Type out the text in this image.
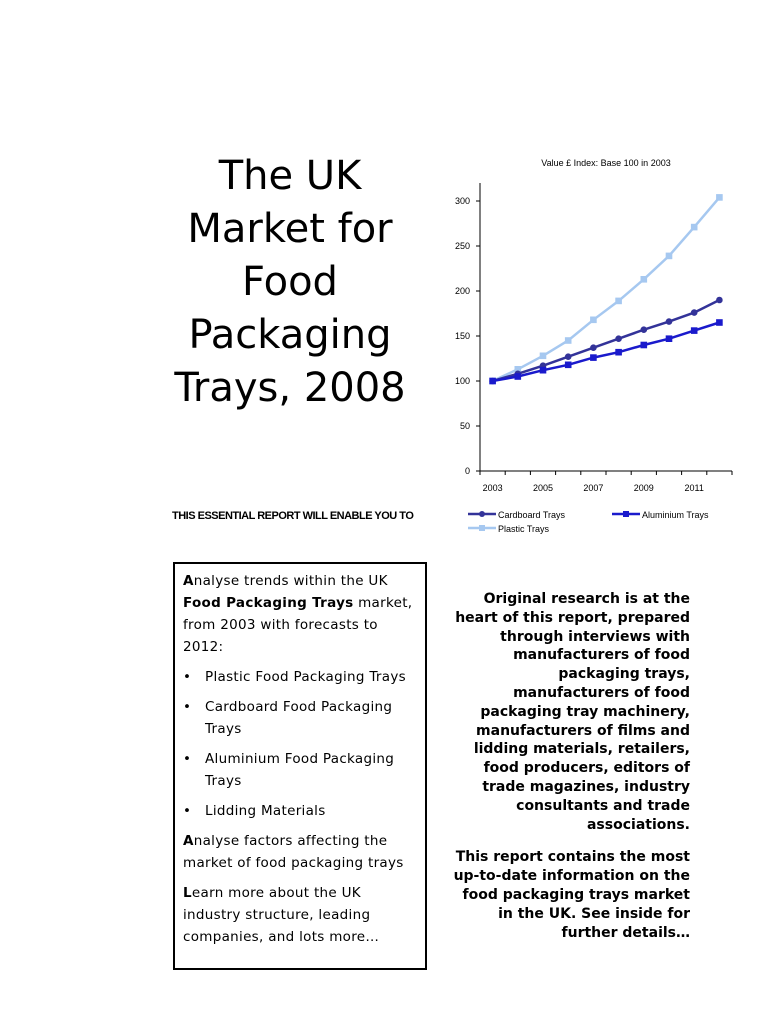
The UK
Market for
Food
Packaging
Trays, 2008
Value £ Index: Base 100 in 2003
0
50
100
150
200
250
300
2003	2005	2007	2009	2011
Cardboard Trays	Aluminium Trays
Plastic Trays
THIS ESSENTIAL REPORT WILL ENABLE YOU TO

Analyse trends within the UK Food Packaging Trays market, from 2003 with forecasts to 2012:

• Plastic Food Packaging Trays
• Cardboard Food Packaging Trays
• Aluminium Food Packaging Trays
• Lidding Materials

Analyse factors affecting the market of food packaging trays

Learn more about the UK industry structure, leading companies, and lots more…

Original research is at the heart of this report, prepared through interviews with manufacturers of food packaging trays, manufacturers of food packaging tray machinery, manufacturers of films and lidding materials, retailers, food producers, editors of trade magazines, industry consultants and trade associations.

This report contains the most up-to-date information on the food packaging trays market in the UK. See inside for further details…
